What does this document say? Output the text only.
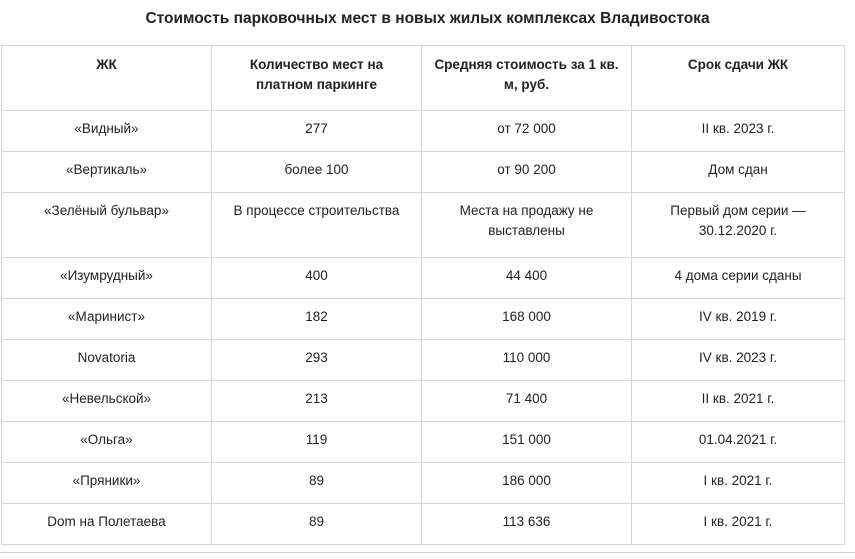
Стоимость парковочных мест в новых жилых комплексах Владивостока
ЖК	Количество мест на платном паркинге	Средняя стоимость за 1 кв. м, руб.	Срок сдачи ЖК
«Видный»	277	от 72 000	II кв. 2023 г.
«Вертикаль»	более 100	от 90 200	Дом сдан
«Зелёный бульвар»	В процессе строительства	Места на продажу не выставлены	Первый дом серии — 30.12.2020 г.
«Изумрудный»	400	44 400	4 дома серии сданы
«Маринист»	182	168 000	IV кв. 2019 г.
Novatoria	293	110 000	IV кв. 2023 г.
«Невельской»	213	71 400	II кв. 2021 г.
«Ольга»	119	151 000	01.04.2021 г.
«Пряники»	89	186 000	I кв. 2021 г.
Dom на Полетаева	89	113 636	I кв. 2021 г.
